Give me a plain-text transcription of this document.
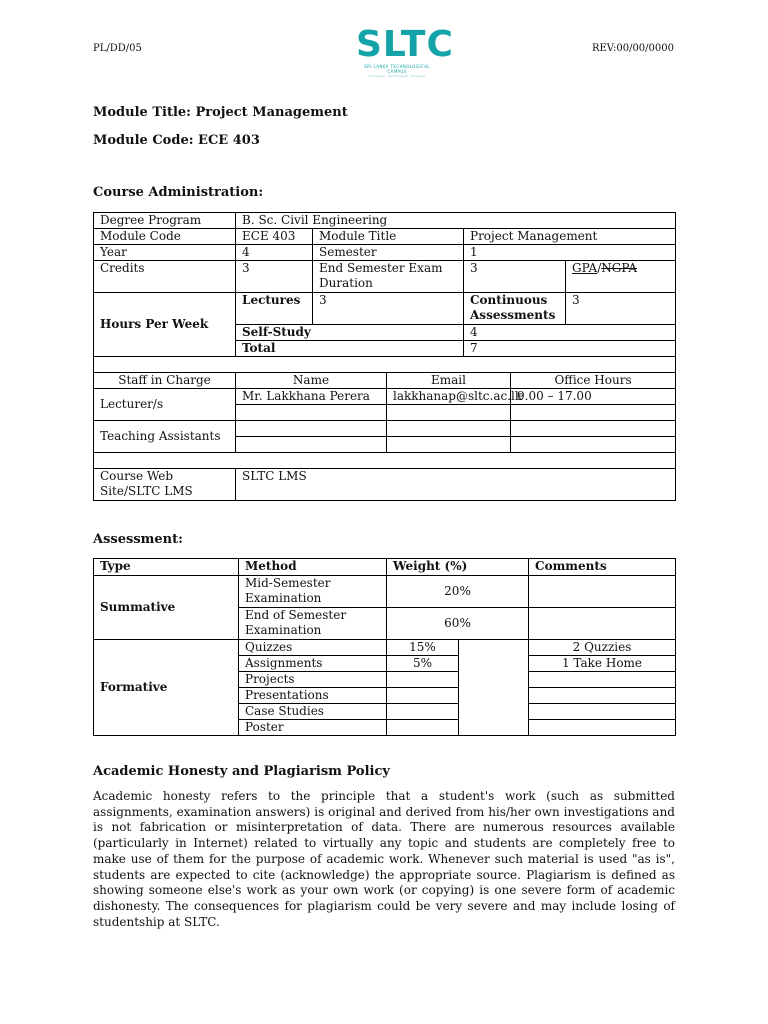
PL/DD/05	REV:00/00/0000
SLTC
SRI LANKA TECHNOLOGICAL CAMPUS
Innovative · Technological · Universal
Module Title: Project Management
Module Code: ECE 403
Course Administration:
Degree Program	B. Sc. Civil Engineering					
Module Code	ECE 403	Module Title		Project Management		
Year	4	Semester		1		
Credits	3	End Semester Exam Duration		3		GPA/NGPA
Hours Per Week	Lectures	3		Continuous Assessments		3
	Self-Study			4		
	Total			7		

Staff in Charge	Name		Email		Office Hours	
Lecturer/s	Mr. Lakkhana Perera		lakkhanap@sltc.ac.lk		9.00 – 17.00	

Teaching Assistants						

Course Web Site/SLTC LMS	SLTC LMS					
Assessment:
Type	Method	Weight (%)		Comments
Summative	Mid-Semester Examination	20%		
	End of Semester Examination	60%		
Formative	Quizzes	15%		2 Quzzies
	Assignments	5%		1 Take Home
	Projects			
	Presentations			
	Case Studies			
	Poster			
Academic Honesty and Plagiarism Policy
Academic honesty refers to the principle that a student's work (such as submitted assignments, examination answers) is original and derived from his/her own investigations and is not fabrication or misinterpretation of data. There are numerous resources available (particularly in Internet) related to virtually any topic and students are completely free to make use of them for the purpose of academic work. Whenever such material is used "as is", students are expected to cite (acknowledge) the appropriate source. Plagiarism is defined as showing someone else's work as your own work (or copying) is one severe form of academic dishonesty. The consequences for plagiarism could be very severe and may include losing of studentship at SLTC.
